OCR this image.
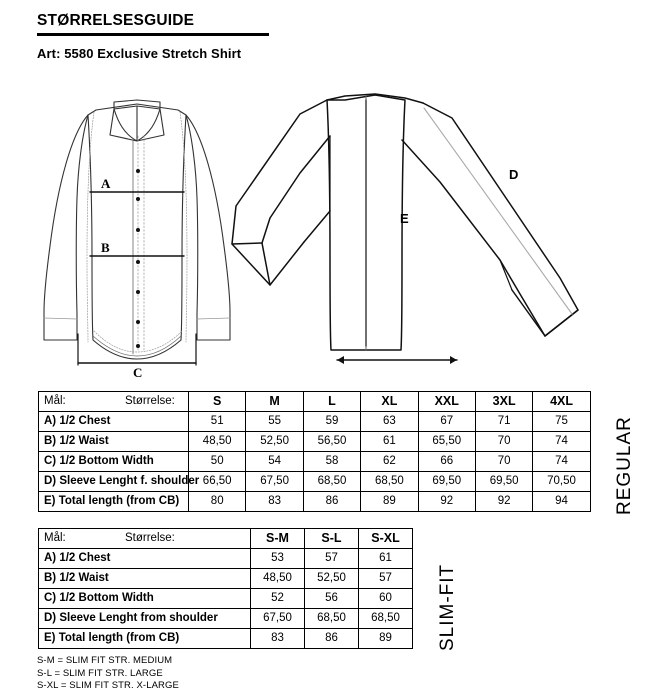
STØRRELSESGUIDE
Art: 5580 Exclusive Stretch Shirt
A
B
C
D
E
Mål: Størrelse:	S	M	L	XL	XXL	3XL	4XL
A) 1/2 Chest	51	55	59	63	67	71	75
B) 1/2 Waist	48,50	52,50	56,50	61	65,50	70	74
C) 1/2 Bottom Width	50	54	58	62	66	70	74
D) Sleeve Lenght f. shoulder	66,50	67,50	68,50	68,50	69,50	69,50	70,50
E) Total length (from CB)	80	83	86	89	92	92	94 REGULAR
Mål: Størrelse:	S-M	S-L	S-XL
A) 1/2 Chest	53	57	61
B) 1/2 Waist	48,50	52,50	57
C) 1/2 Bottom Width	52	56	60
D) Sleeve Lenght from shoulder	67,50	68,50	68,50
E) Total length (from CB)	83	86	89 SLIM-FIT
S-M = SLIM FIT STR. MEDIUM
S-L = SLIM FIT STR. LARGE
S-XL = SLIM FIT STR. X-LARGE
